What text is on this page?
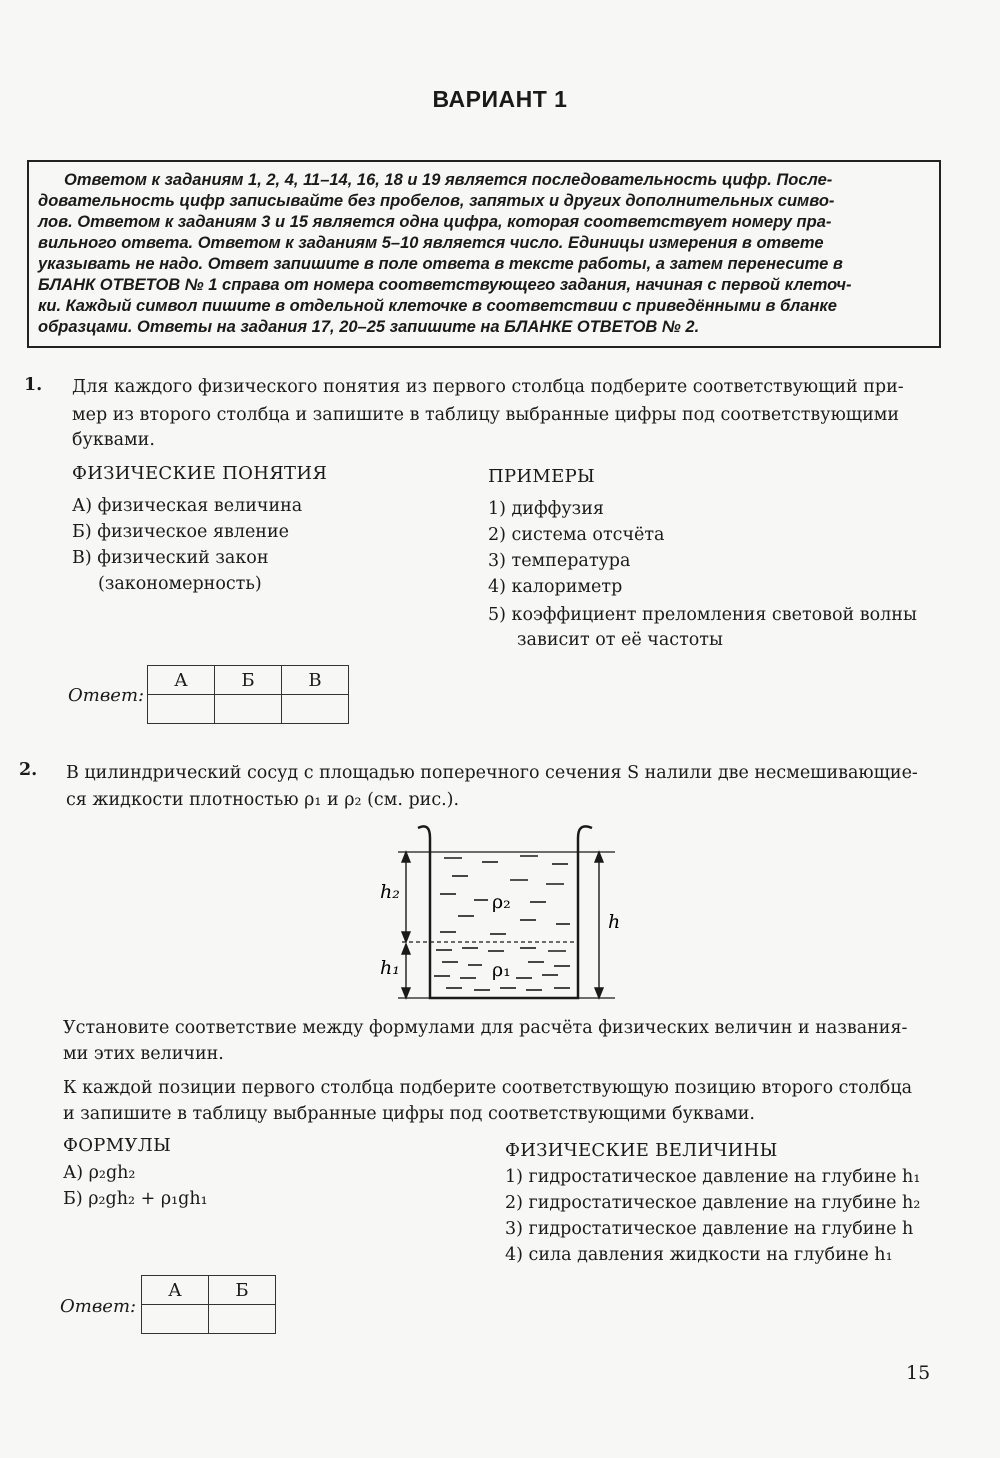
ВАРИАНТ 1
Ответом к заданиям 1, 2, 4, 11–14, 16, 18 и 19 является последовательность цифр. После-
довательность цифр записывайте без пробелов, запятых и других дополнительных симво-
лов. Ответом к заданиям 3 и 15 является одна цифра, которая соответствует номеру пра-
вильного ответа. Ответом к заданиям 5–10 является число. Единицы измерения в ответе
указывать не надо. Ответ запишите в поле ответа в тексте работы, а затем перенесите в
БЛАНК ОТВЕТОВ № 1 справа от номера соответствующего задания, начиная с первой клеточ-
ки. Каждый символ пишите в отдельной клеточке в соответствии с приведёнными в бланке
образцами. Ответы на задания 17, 20–25 запишите на БЛАНКЕ ОТВЕТОВ № 2.
1. Для каждого физического понятия из первого столбца подберите соответствующий при-
мер из второго столбца и запишите в таблицу выбранные цифры под соответствующими
буквами.
ФИЗИЧЕСКИЕ ПОНЯТИЯ	ПРИМЕРЫ
А) физическая величина
Б) физическое явление
В) физический закон
(закономерность)
1) диффузия
2) система отсчёта
3) температура
4) калориметр
5) коэффициент преломления световой волны
зависит от её частоты
Ответ:
А	Б	В

2. В цилиндрический сосуд с площадью поперечного сечения S налили две несмешивающие-
ся жидкости плотностью ρ₁ и ρ₂ (см. рис.).
h₂
h₁
h
ρ₂
ρ₁
Установите соответствие между формулами для расчёта физических величин и названия-
ми этих величин.
К каждой позиции первого столбца подберите соответствующую позицию второго столбца
и запишите в таблицу выбранные цифры под соответствующими буквами.
ФОРМУЛЫ	ФИЗИЧЕСКИЕ ВЕЛИЧИНЫ
А) ρ₂gh₂
Б) ρ₂gh₂ + ρ₁gh₁
1) гидростатическое давление на глубине h₁
2) гидростатическое давление на глубине h₂
3) гидростатическое давление на глубине h
4) сила давления жидкости на глубине h₁
Ответ:
А	Б

15
